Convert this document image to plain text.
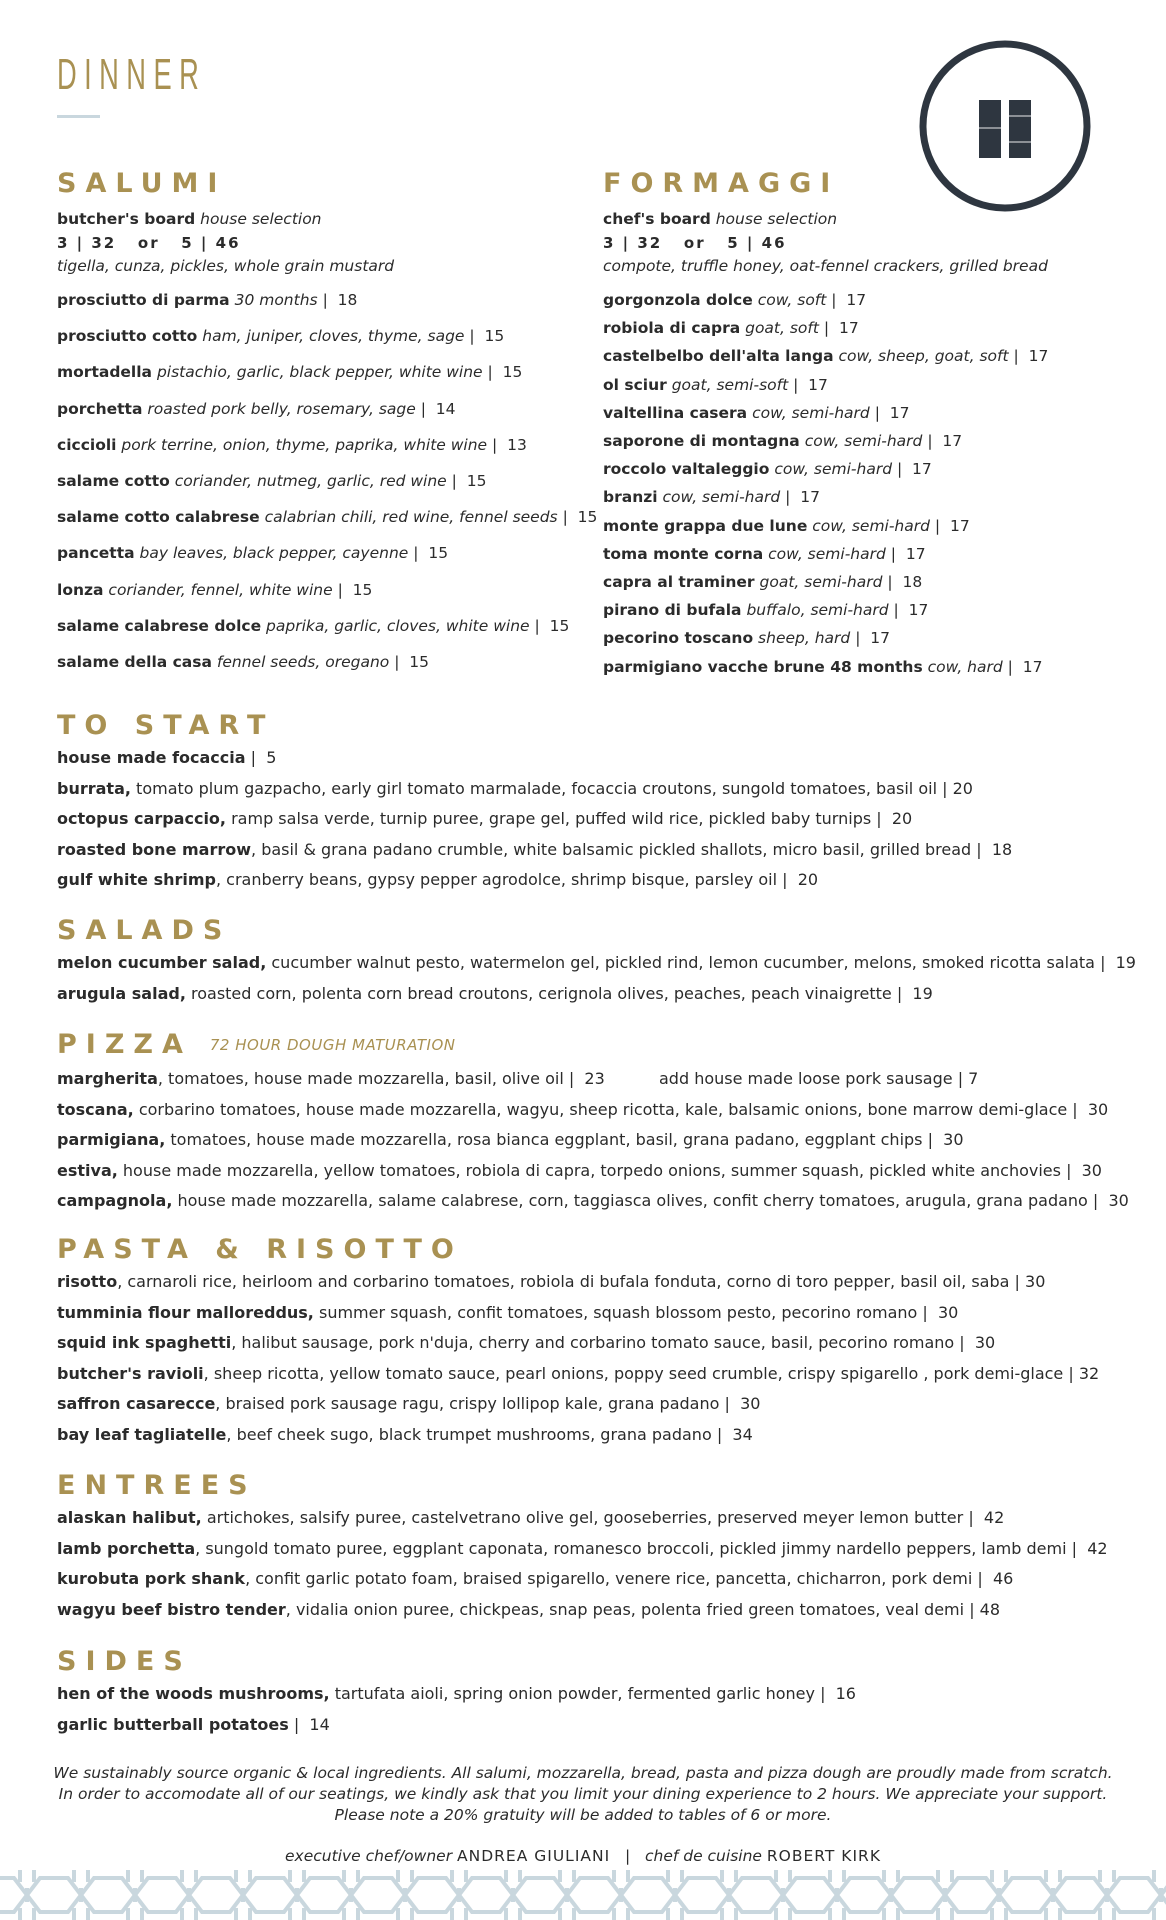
DINNER
SALUMI
butcher's board house selection
3 | 32   or   5 | 46
tigella, cunza, pickles, whole grain mustard
prosciutto di parma 30 months |  18
prosciutto cotto ham, juniper, cloves, thyme, sage |  15
mortadella pistachio, garlic, black pepper, white wine |  15
porchetta roasted pork belly, rosemary, sage |  14
ciccioli pork terrine, onion, thyme, paprika, white wine |  13
salame cotto coriander, nutmeg, garlic, red wine |  15
salame cotto calabrese calabrian chili, red wine, fennel seeds |  15
pancetta bay leaves, black pepper, cayenne |  15
lonza coriander, fennel, white wine |  15
salame calabrese dolce paprika, garlic, cloves, white wine |  15
salame della casa fennel seeds, oregano |  15
FORMAGGI
chef's board house selection
3 | 32   or   5 | 46
compote, truffle honey, oat-fennel crackers, grilled bread
gorgonzola dolce cow, soft |  17
robiola di capra goat, soft |  17
castelbelbo dell'alta langa cow, sheep, goat, soft |  17
ol sciur goat, semi-soft |  17
valtellina casera cow, semi-hard |  17
saporone di montagna cow, semi-hard |  17
roccolo valtaleggio cow, semi-hard |  17
branzi cow, semi-hard |  17
monte grappa due lune cow, semi-hard |  17
toma monte corna cow, semi-hard |  17
capra al traminer goat, semi-hard |  18
pirano di bufala buffalo, semi-hard |  17
pecorino toscano sheep, hard |  17
parmigiano vacche brune 48 months cow, hard |  17
TO START
house made focaccia |  5
burrata, tomato plum gazpacho, early girl tomato marmalade, focaccia croutons, sungold tomatoes, basil oil | 20
octopus carpaccio, ramp salsa verde, turnip puree, grape gel, puffed wild rice, pickled baby turnips |  20
roasted bone marrow, basil & grana padano crumble, white balsamic pickled shallots, micro basil, grilled bread |  18
gulf white shrimp, cranberry beans, gypsy pepper agrodolce, shrimp bisque, parsley oil |  20
SALADS
melon cucumber salad, cucumber walnut pesto, watermelon gel, pickled rind, lemon cucumber, melons, smoked ricotta salata |  19
arugula salad, roasted corn, polenta corn bread croutons, cerignola olives, peaches, peach vinaigrette |  19
PIZZA 72 HOUR DOUGH MATURATION
add house made loose pork sausage | 7
margherita, tomatoes, house made mozzarella, basil, olive oil |  23
toscana, corbarino tomatoes, house made mozzarella, wagyu, sheep ricotta, kale, balsamic onions, bone marrow demi-glace |  30
parmigiana, tomatoes, house made mozzarella, rosa bianca eggplant, basil, grana padano, eggplant chips |  30
estiva, house made mozzarella, yellow tomatoes, robiola di capra, torpedo onions, summer squash, pickled white anchovies |  30
campagnola, house made mozzarella, salame calabrese, corn, taggiasca olives, confit cherry tomatoes, arugula, grana padano |  30
PASTA & RISOTTO
risotto, carnaroli rice, heirloom and corbarino tomatoes, robiola di bufala fonduta, corno di toro pepper, basil oil, saba | 30
tumminia flour malloreddus, summer squash, confit tomatoes, squash blossom pesto, pecorino romano |  30
squid ink spaghetti, halibut sausage, pork n'duja, cherry and corbarino tomato sauce, basil, pecorino romano |  30
butcher's ravioli, sheep ricotta, yellow tomato sauce, pearl onions, poppy seed crumble, crispy spigarello , pork demi-glace | 32
saffron casarecce, braised pork sausage ragu, crispy lollipop kale, grana padano |  30
bay leaf tagliatelle, beef cheek sugo, black trumpet mushrooms, grana padano |  34
ENTREES
alaskan halibut, artichokes, salsify puree, castelvetrano olive gel, gooseberries, preserved meyer lemon butter |  42
lamb porchetta, sungold tomato puree, eggplant caponata, romanesco broccoli, pickled jimmy nardello peppers, lamb demi |  42
kurobuta pork shank, confit garlic potato foam, braised spigarello, venere rice, pancetta, chicharron, pork demi |  46
wagyu beef bistro tender, vidalia onion puree, chickpeas, snap peas, polenta fried green tomatoes, veal demi | 48
SIDES
hen of the woods mushrooms, tartufata aioli, spring onion powder, fermented garlic honey |  16
garlic butterball potatoes |  14
We sustainably source organic & local ingredients. All salumi, mozzarella, bread, pasta and pizza dough are proudly made from scratch.
In order to accomodate all of our seatings, we kindly ask that you limit your dining experience to 2 hours. We appreciate your support.
Please note a 20% gratuity will be added to tables of 6 or more.
executive chef/owner ANDREA GIULIANI | chef de cuisine ROBERT KIRK
